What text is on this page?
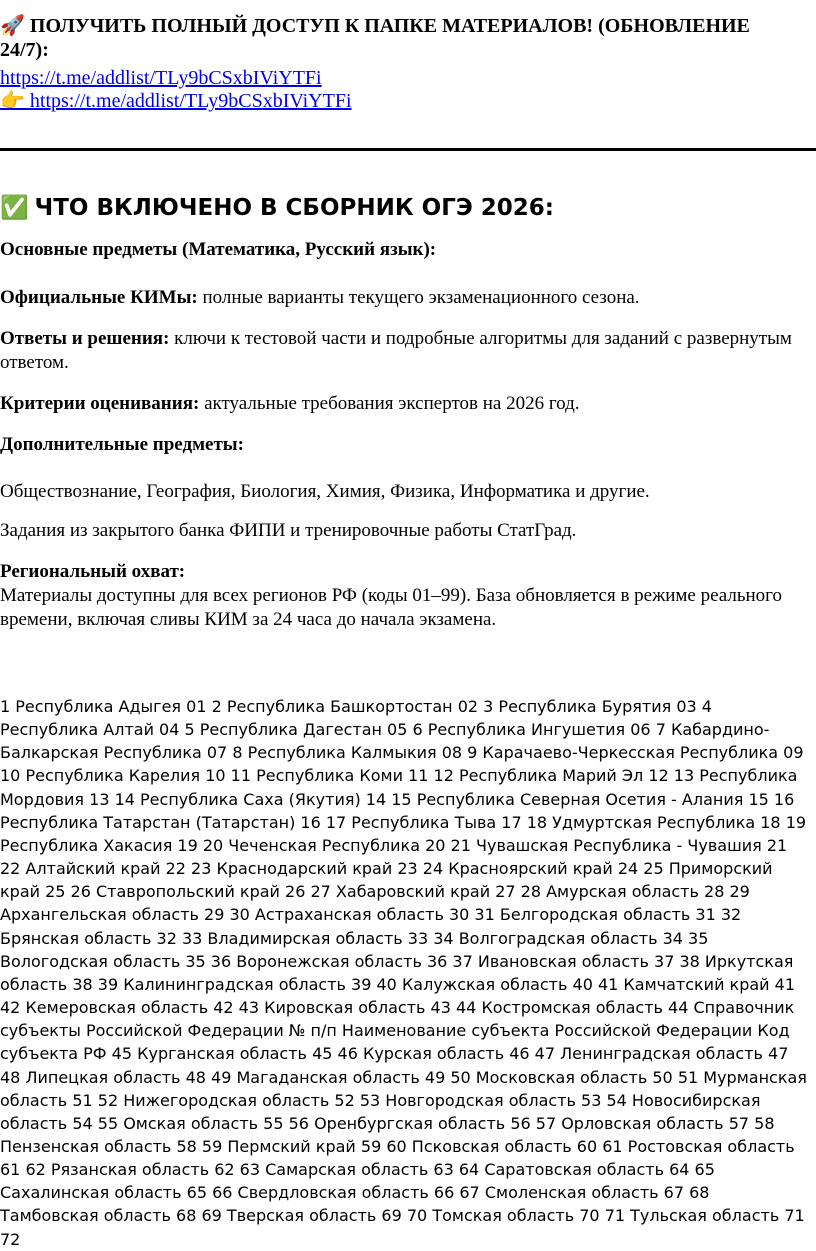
🚀 ПОЛУЧИТЬ ПОЛНЫЙ ДОСТУП К ПАПКЕ МАТЕРИАЛОВ! (ОБНОВЛЕНИЕ 24/7):
https://t.me/addlist/TLy9bCSxbIViYTFi
👉 https://t.me/addlist/TLy9bCSxbIViYTFi
✅ ЧТО ВКЛЮЧЕНО В СБОРНИК ОГЭ 2026:
Основные предметы (Математика, Русский язык):
Официальные КИМы: полные варианты текущего экзаменационного сезона.
Ответы и решения: ключи к тестовой части и подробные алгоритмы для заданий с развернутым ответом.
Критерии оценивания: актуальные требования экспертов на 2026 год.
Дополнительные предметы:
Обществознание, География, Биология, Химия, Физика, Информатика и другие.
Задания из закрытого банка ФИПИ и тренировочные работы СтатГрад.
Региональный охват:
Материалы доступны для всех регионов РФ (коды 01–99). База обновляется в режиме реального времени, включая сливы КИМ за 24 часа до начала экзамена.
1 Республика Адыгея 01 2 Республика Башкортостан 02 3 Республика Бурятия 03 4 Республика Алтай 04 5 Республика Дагестан 05 6 Республика Ингушетия 06 7 Кабардино-Балкарская Республика 07 8 Республика Калмыкия 08 9 Карачаево-Черкесская Республика 09 10 Республика Карелия 10 11 Республика Коми 11 12 Республика Марий Эл 12 13 Республика Мордовия 13 14 Республика Саха (Якутия) 14 15 Республика Северная Осетия - Алания 15 16 Республика Татарстан (Татарстан) 16 17 Республика Тыва 17 18 Удмуртская Республика 18 19 Республика Хакасия 19 20 Чеченская Республика 20 21 Чувашская Республика - Чувашия 21 22 Алтайский край 22 23 Краснодарский край 23 24 Красноярский край 24 25 Приморский край 25 26 Ставропольский край 26 27 Хабаровский край 27 28 Амурская область 28 29 Архангельская область 29 30 Астраханская область 30 31 Белгородская область 31 32 Брянская область 32 33 Владимирская область 33 34 Волгоградская область 34 35 Вологодская область 35 36 Воронежская область 36 37 Ивановская область 37 38 Иркутская область 38 39 Калининградская область 39 40 Калужская область 40 41 Камчатский край 41 42 Кемеровская область 42 43 Кировская область 43 44 Костромская область 44 Справочник субъекты Российской Федерации № п/п Наименование субъекта Российской Федерации Код субъекта РФ 45 Курганская область 45 46 Курская область 46 47 Ленинградская область 47 48 Липецкая область 48 49 Магаданская область 49 50 Московская область 50 51 Мурманская область 51 52 Нижегородская область 52 53 Новгородская область 53 54 Новосибирская область 54 55 Омская область 55 56 Оренбургская область 56 57 Орловская область 57 58 Пензенская область 58 59 Пермский край 59 60 Псковская область 60 61 Ростовская область 61 62 Рязанская область 62 63 Самарская область 63 64 Саратовская область 64 65 Сахалинская область 65 66 Свердловская область 66 67 Смоленская область 67 68 Тамбовская область 68 69 Тверская область 69 70 Томская область 70 71 Тульская область 71 72
